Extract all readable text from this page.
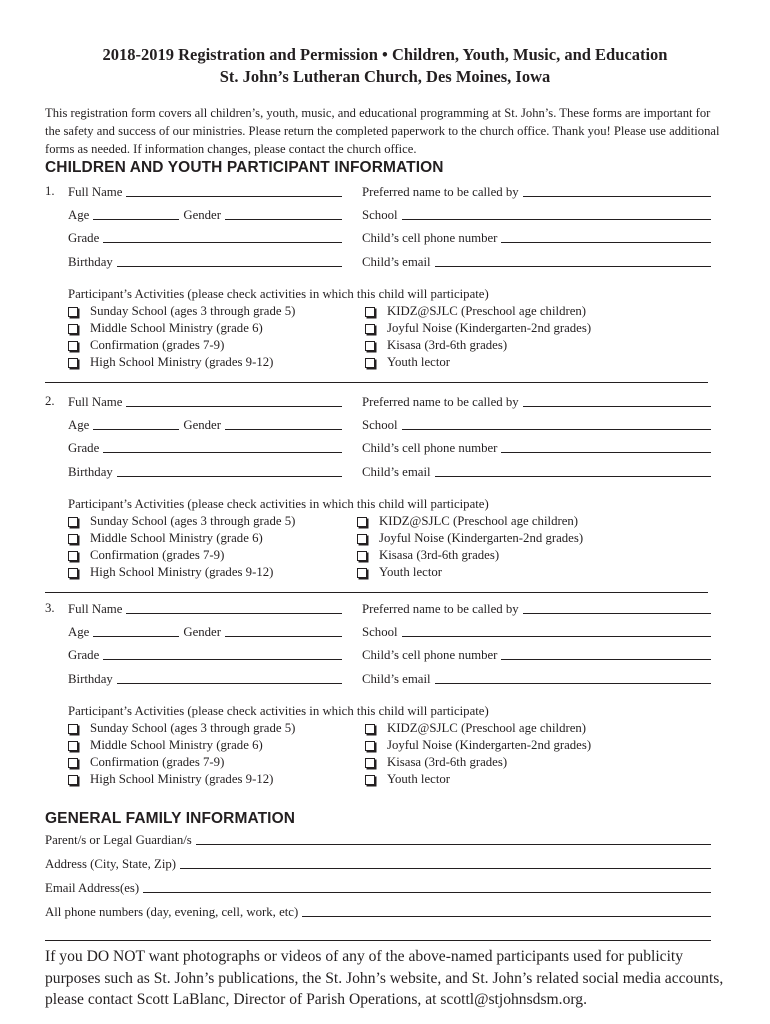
2018-2019 Registration and Permission • Children, Youth, Music, and Education
St. John’s Lutheran Church, Des Moines, Iowa
This registration form covers all children’s, youth, music, and educational programming at St. John’s. These forms are important for the safety and success of our ministries. Please return the completed paperwork to the church office. Thank you! Please use additional forms as needed. If information changes, please contact the church office.
CHILDREN AND YOUTH PARTICIPANT INFORMATION
1. Full Name	Preferred name to be called by
Age	Gender	School
Grade	Child’s cell phone number
Birthday	Child’s email
Participant’s Activities (please check activities in which this child will participate)
Sunday School (ages 3 through grade 5)
Middle School Ministry (grade 6)
Confirmation (grades 7-9)
High School Ministry (grades 9-12)
KIDZ@SJLC (Preschool age children)
Joyful Noise (Kindergarten-2nd grades)
Kisasa (3rd-6th grades)
Youth lector
2. Full Name	Preferred name to be called by
Age	Gender	School
Grade	Child’s cell phone number
Birthday	Child’s email
Participant’s Activities (please check activities in which this child will participate)
Sunday School (ages 3 through grade 5)
Middle School Ministry (grade 6)
Confirmation (grades 7-9)
High School Ministry (grades 9-12)
KIDZ@SJLC (Preschool age children)
Joyful Noise (Kindergarten-2nd grades)
Kisasa (3rd-6th grades)
Youth lector
3. Full Name	Preferred name to be called by
Age	Gender	School
Grade	Child’s cell phone number
Birthday	Child’s email
Participant’s Activities (please check activities in which this child will participate)
Sunday School (ages 3 through grade 5)
Middle School Ministry (grade 6)
Confirmation (grades 7-9)
High School Ministry (grades 9-12)
KIDZ@SJLC (Preschool age children)
Joyful Noise (Kindergarten-2nd grades)
Kisasa (3rd-6th grades)
Youth lector
GENERAL FAMILY INFORMATION
Parent/s or Legal Guardian/s
Address (City, State, Zip)
Email Address(es)
All phone numbers (day, evening, cell, work, etc)
If you DO NOT want photographs or videos of any of the above-named participants used for publicity purposes such as St. John’s publications, the St. John’s website, and St. John’s related social media accounts, please contact Scott LaBlanc, Director of Parish Operations, at scottl@stjohnsdsm.org.
